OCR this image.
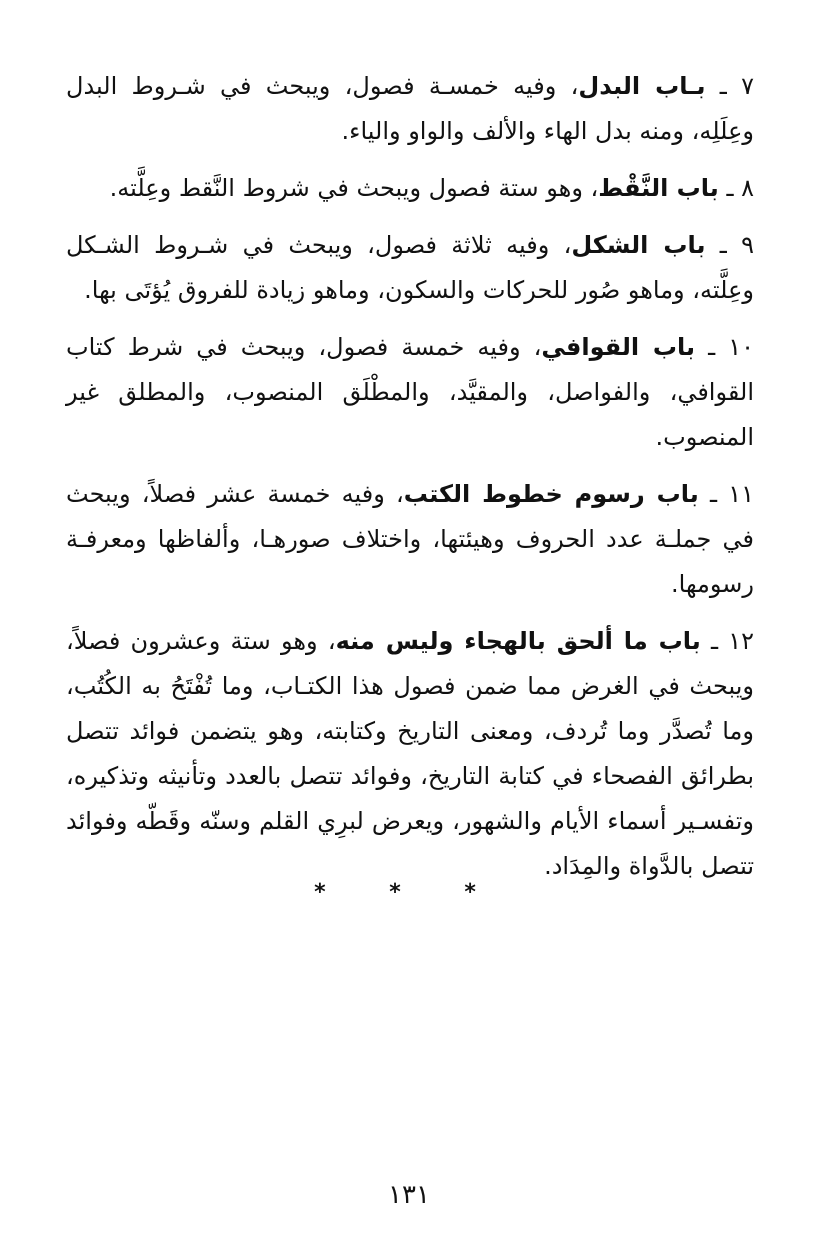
٧ ـ بـاب البدل، وفيه خمسـة فصول، ويبحث في شـروط البدل وعِلَلِه، ومنه بدل الهاء والألف والواو والياء.

٨ ـ باب النَّقْط، وهو ستة فصول ويبحث في شروط النَّقط وعِلَّته.

٩ ـ باب الشكل، وفيه ثلاثة فصول، ويبحث في شـروط الشـكل وعِلَّته، وماهو صُور للحركات والسكون، وماهو زيادة للفروق يُؤتَى بها.

١٠ ـ باب القوافي، وفيه خمسة فصول، ويبحث في شرط كتاب القوافي، والفواصل، والمقيَّد، والمطْلَق المنصوب، والمطلق غير المنصوب.

١١ ـ باب رسوم خطوط الكتب، وفيه خمسة عشر فصلاً، ويبحث في جملـة عدد الحروف وهيئتها، واختلاف صورهـا، وألفاظها ومعرفـة رسومها.

١٢ ـ باب ما ألحق بالهجاء وليس منه، وهو ستة وعشرون فصلاً، ويبحث في الغرض مما ضمن فصول هذا الكتـاب، وما تُفْتَحُ به الكُتُب، وما تُصدَّر وما تُردف، ومعنى التاريخ وكتابته، وهو يتضمن فوائد تتصل بطرائق الفصحاء في كتابة التاريخ، وفوائد تتصل بالعدد وتأنيثه وتذكيره، وتفسـير أسماء الأيام والشهور، ويعرض لبرِي القلم وسنّه وقَطّه وفوائد تتصل بالدَّواة والمِدَاد.

* * *
١٣١
